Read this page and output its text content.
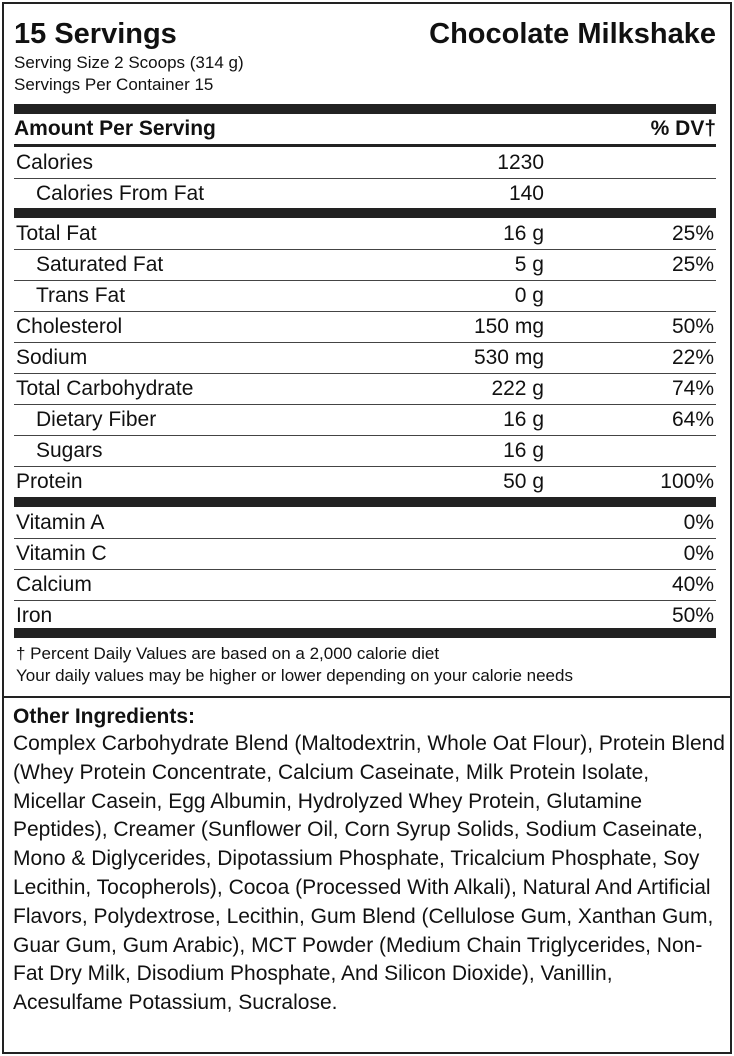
15 Servings	Chocolate Milkshake
Serving Size 2 Scoops (314 g)
Servings Per Container 15
Amount Per Serving	% DV†
Calories	1230
Calories From Fat	140
Total Fat	16 g	25%
Saturated Fat	5 g	25%
Trans Fat	0 g
Cholesterol	150 mg	50%
Sodium	530 mg	22%
Total Carbohydrate	222 g	74%
Dietary Fiber	16 g	64%
Sugars	16 g
Protein	50 g	100%
Vitamin A	0%
Vitamin C	0%
Calcium	40%
Iron	50%
† Percent Daily Values are based on a 2,000 calorie diet
Your daily values may be higher or lower depending on your calorie needs
Other Ingredients:
Complex Carbohydrate Blend (Maltodextrin, Whole Oat Flour), Protein Blend (Whey Protein Concentrate, Calcium Caseinate, Milk Protein Isolate, Micellar Casein, Egg Albumin, Hydrolyzed Whey Protein, Glutamine Peptides), Creamer (Sunflower Oil, Corn Syrup Solids, Sodium Caseinate, Mono & Diglycerides, Dipotassium Phosphate, Tricalcium Phosphate, Soy Lecithin, Tocopherols), Cocoa (Processed With Alkali), Natural And Artificial Flavors, Polydextrose, Lecithin, Gum Blend (Cellulose Gum, Xanthan Gum, Guar Gum, Gum Arabic), MCT Powder (Medium Chain Triglycerides, Non-Fat Dry Milk, Disodium Phosphate, And Silicon Dioxide), Vanillin, Acesulfame Potassium, Sucralose.
